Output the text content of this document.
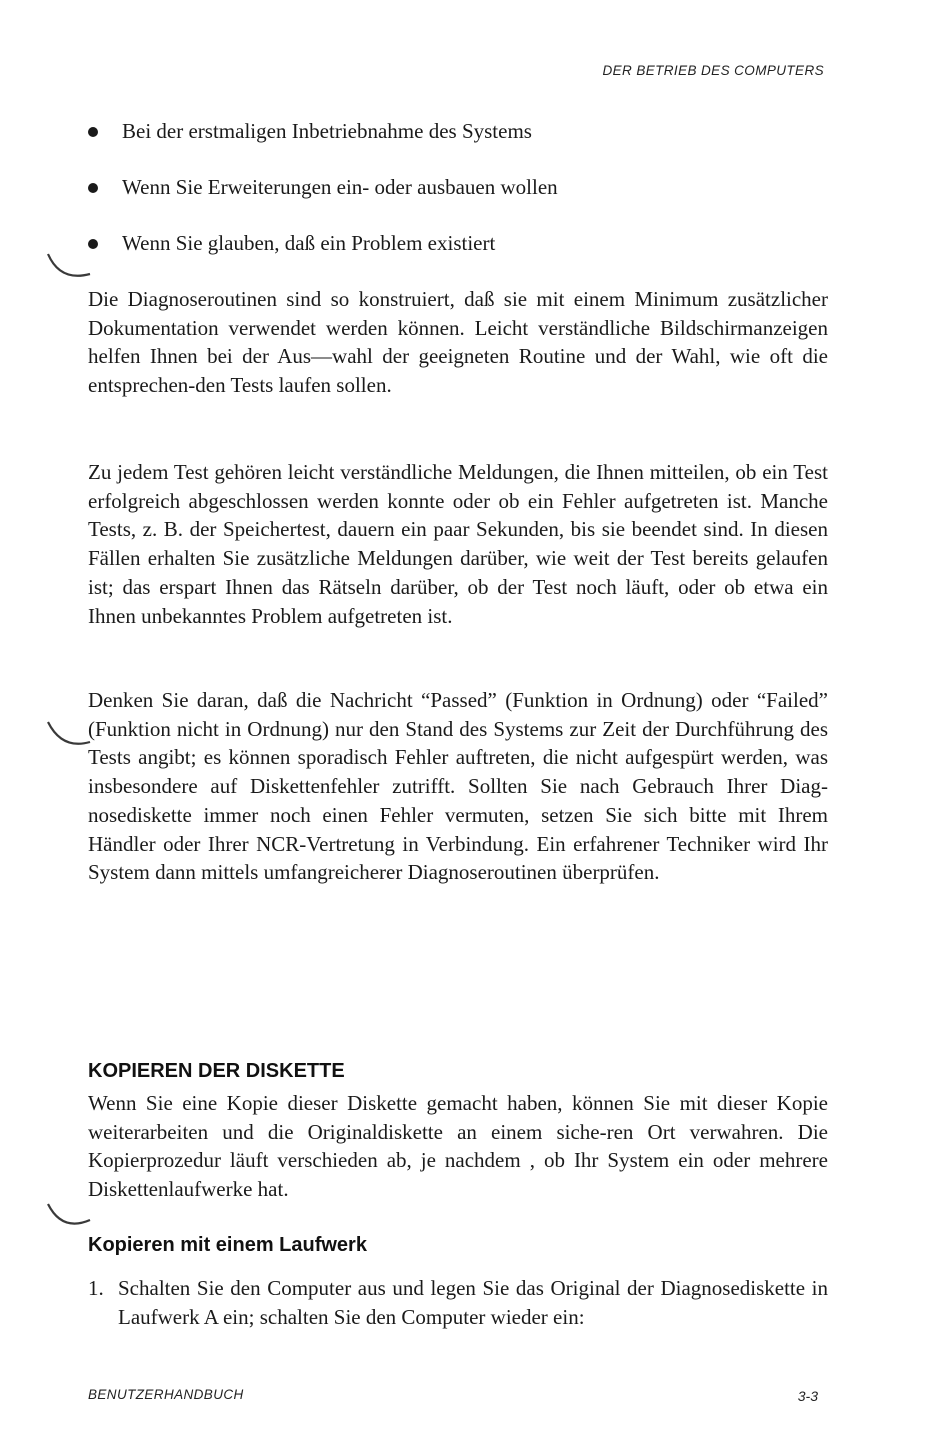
DER BETRIEB DES COMPUTERS
Bei der erstmaligen Inbetriebnahme des Systems
Wenn Sie Erweiterungen ein- oder ausbauen wollen
Wenn Sie glauben, daß ein Problem existiert
Die Diagnoseroutinen sind so konstruiert, daß sie mit einem Minimum zusätzlicher Dokumentation verwendet werden können. Leicht verständliche Bildschirmanzeigen helfen Ihnen bei der Aus—wahl der geeigneten Routine und der Wahl, wie oft die entsprechen-den Tests laufen sollen.
Zu jedem Test gehören leicht verständliche Meldungen, die Ihnen mitteilen, ob ein Test erfolgreich abgeschlossen werden konnte oder ob ein Fehler aufgetreten ist. Manche Tests, z. B. der Speichertest, dauern ein paar Sekunden, bis sie beendet sind. In diesen Fällen erhalten Sie zusätzliche Meldungen darüber, wie weit der Test bereits gelaufen ist; das erspart Ihnen das Rätseln darüber, ob der Test noch läuft, oder ob etwa ein Ihnen unbekanntes Problem aufgetreten ist.
Denken Sie daran, daß die Nachricht “Passed” (Funktion in Ordnung) oder “Failed” (Funktion nicht in Ordnung) nur den Stand des Systems zur Zeit der Durchführung des Tests angibt; es können sporadisch Fehler auftreten, die nicht aufgespürt werden, was insbesondere auf Diskettenfehler zutrifft. Sollten Sie nach Gebrauch Ihrer Diag-nosediskette immer noch einen Fehler vermuten, setzen Sie sich bitte mit Ihrem Händler oder Ihrer NCR-Vertretung in Verbindung. Ein erfahrener Techniker wird Ihr System dann mittels umfangreicherer Diagnoseroutinen überprüfen.
KOPIEREN DER DISKETTE
Wenn Sie eine Kopie dieser Diskette gemacht haben, können Sie mit dieser Kopie weiterarbeiten und die Originaldiskette an einem siche-ren Ort verwahren. Die Kopierprozedur läuft verschieden ab, je nachdem , ob Ihr System ein oder mehrere Diskettenlaufwerke hat.
Kopieren mit einem Laufwerk
1. Schalten Sie den Computer aus und legen Sie das Original der Diagnosediskette in Laufwerk A ein; schalten Sie den Computer wieder ein:
BENUTZERHANDBUCH	3-3
